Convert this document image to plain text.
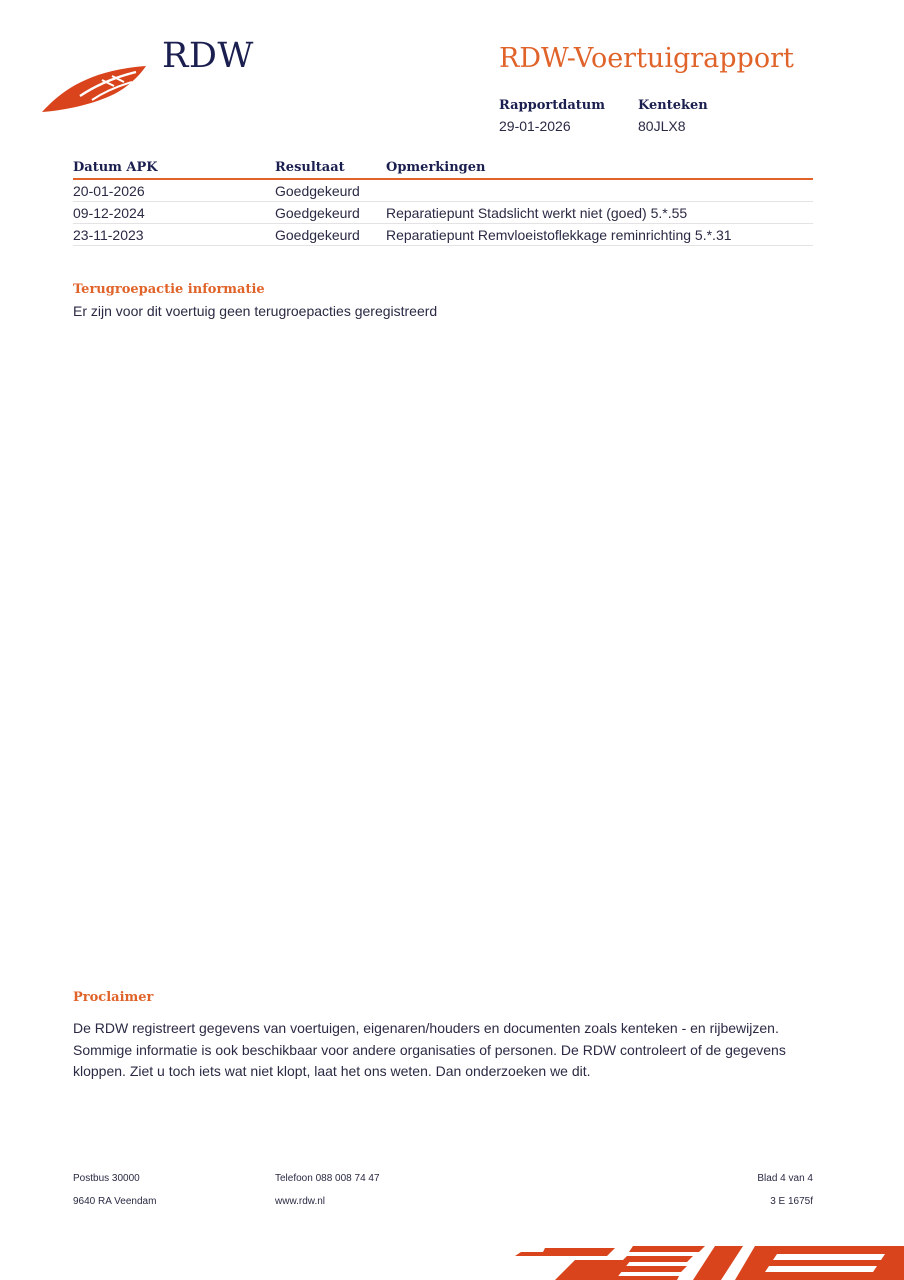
RDW	RDW-Voertuigrapport
Rapportdatum
29-01-2026
Kenteken
80JLX8
Datum APK	Resultaat	Opmerkingen
20-01-2026	Goedgekeurd	
09-12-2024	Goedgekeurd	Reparatiepunt Stadslicht werkt niet (goed) 5.*.55
23-11-2023	Goedgekeurd	Reparatiepunt Remvloeistoflekkage reminrichting 5.*.31
Terugroepactie informatie
Er zijn voor dit voertuig geen terugroepacties geregistreerd
Proclaimer
De RDW registreert gegevens van voertuigen, eigenaren/houders en documenten zoals kenteken - en rijbewijzen.
Sommige informatie is ook beschikbaar voor andere organisaties of personen. De RDW controleert of de gegevens
kloppen. Ziet u toch iets wat niet klopt, laat het ons weten. Dan onderzoeken we dit.
Postbus 30000
9640 RA Veendam
Telefoon 088 008 74 47
www.rdw.nl
Blad 4 van 4
3 E 1675f
